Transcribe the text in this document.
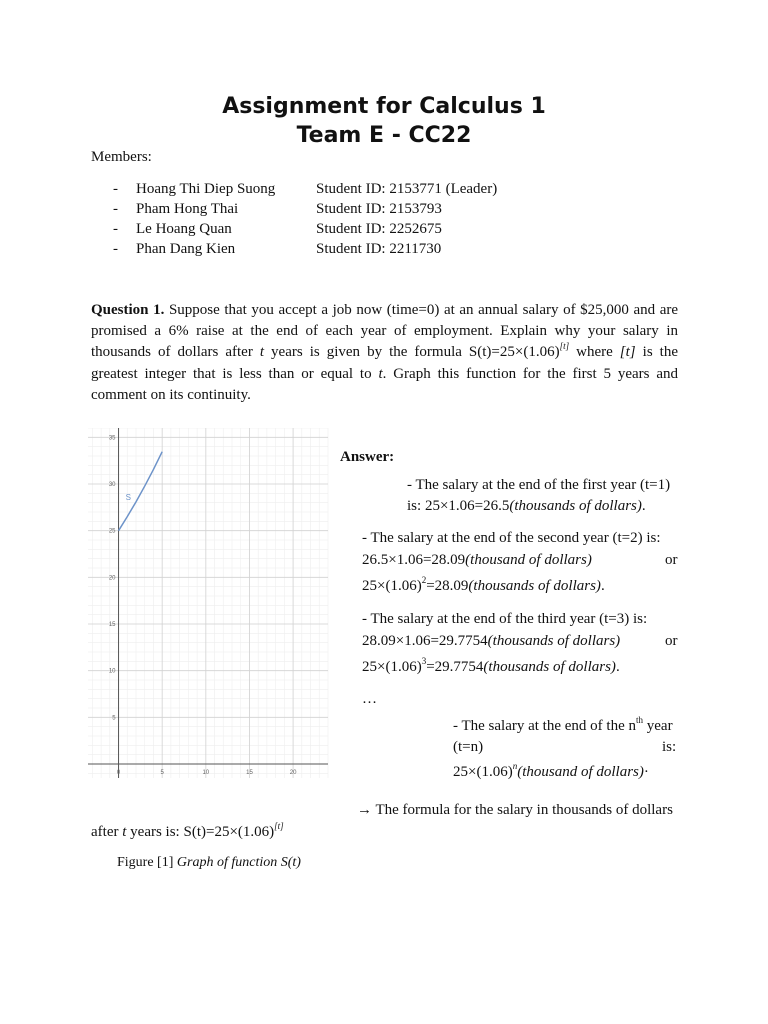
Assignment for Calculus 1
Team E - CC22
Members:
- Hoang Thi Diep Suong	Student ID: 2153771 (Leader)
- Pham Hong Thai	Student ID: 2153793
- Le Hoang Quan	Student ID: 2252675
- Phan Dang Kien	Student ID: 2211730
Question 1. Suppose that you accept a job now (time=0) at an annual salary of $25,000 and are
promised a 6% raise at the end of each year of employment. Explain why your salary in
thousands of dollars after t years is given by the formula S(t)=25×(1.06)[t] where [t] is the
greatest integer that is less than or equal to t. Graph this function for the first 5 years and
comment on its continuity.
0	5	10	15	20
5
10
15
20
25
30
35
S
Answer:
- The salary at the end of the first year (t=1)
is: 25×1.06=26.5(thousands of dollars).
- The salary at the end of the second year (t=2) is:
26.5×1.06=28.09(thousand of dollars)	or
$25\times(1.06)^2=28.09(thousands$ of dollars).
- The salary at the end of the third year (t=3) is:
28.09×1.06=29.7754(thousands of dollars)	or
$25\times(1.06)^3=29.7754(thousands$ of dollars).
…
- The salary at the end of the $n^{th}$ year
(t=n)	is:
$25\times(1.06)^n(thousand$ of dollars)·
→ The formula for the salary in thousands of dollars
after t years is: S(t)=25×(1.06)[t]
Figure [1] Graph of function S(t)
